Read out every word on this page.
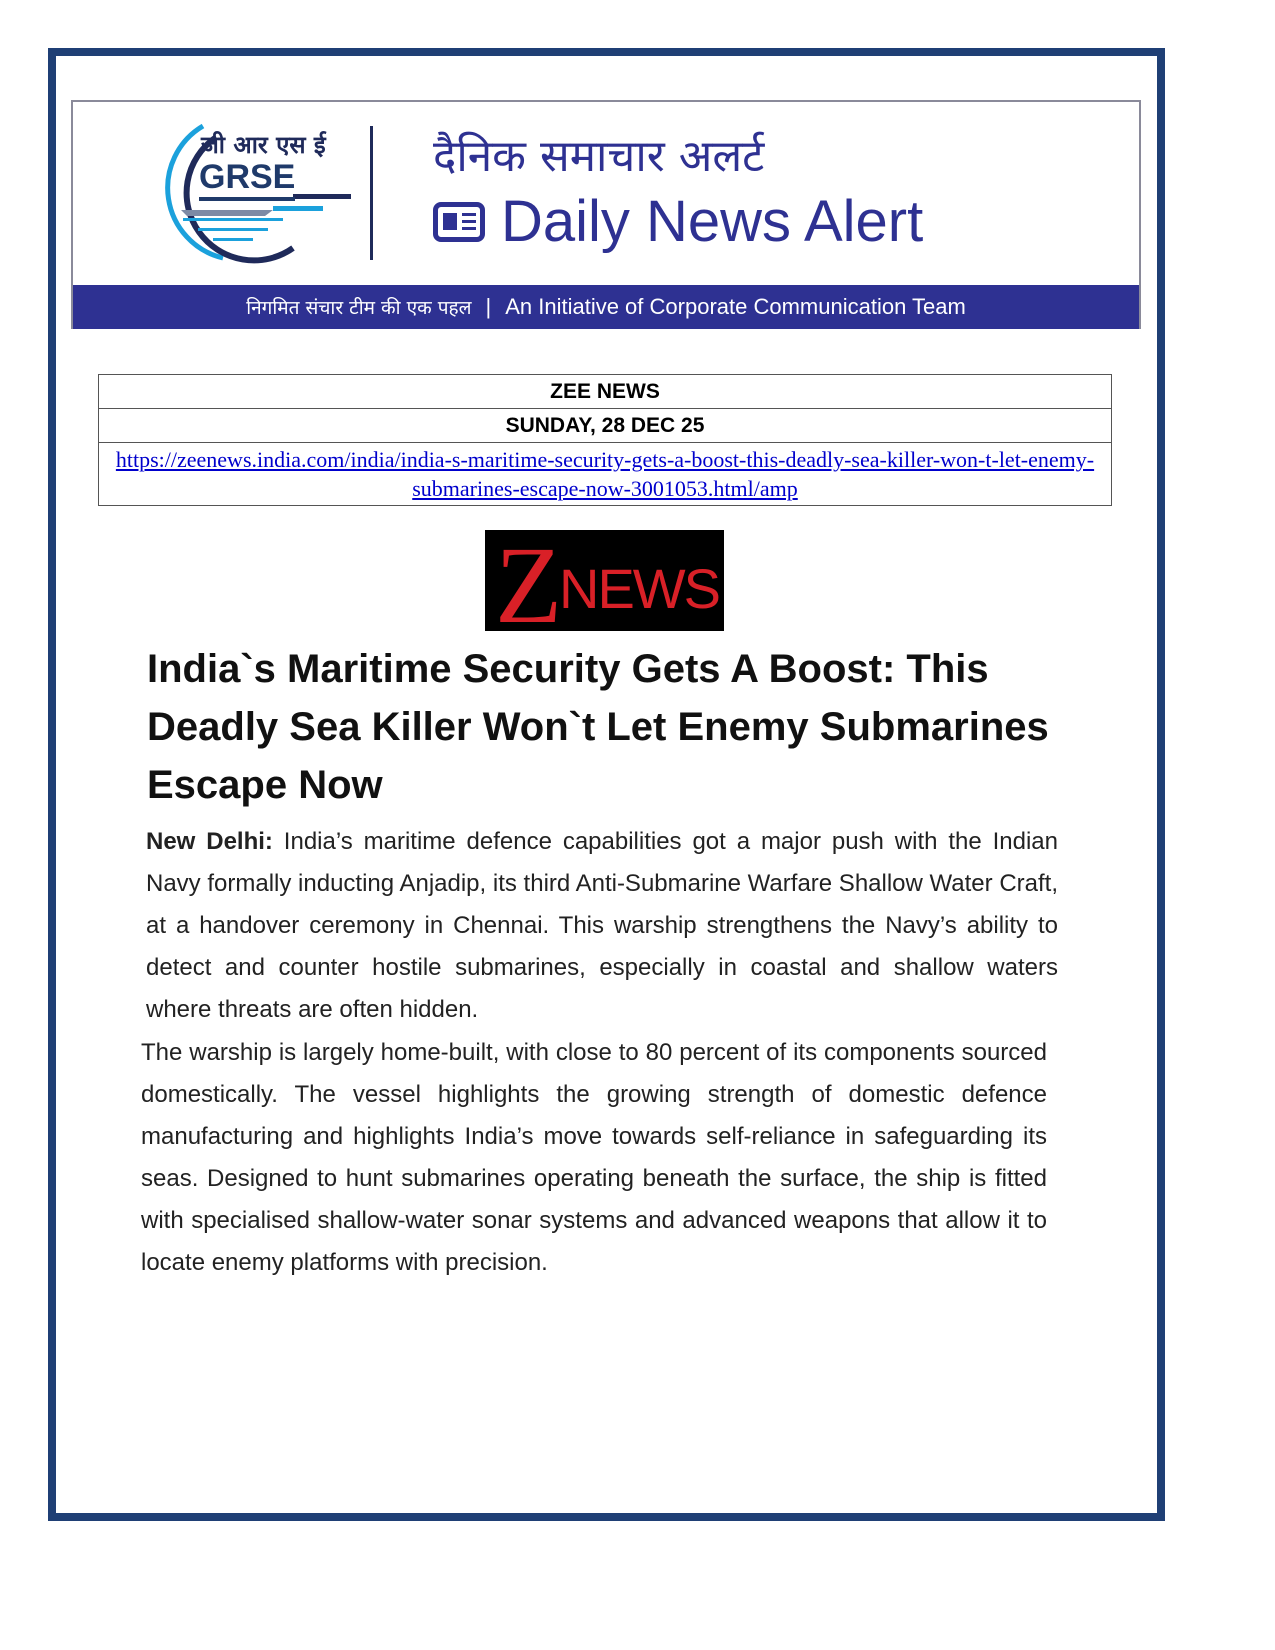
जी आर एस ई
GRSE	दैनिक समाचार अलर्ट
Daily News Alert
निगमित संचार टीम की एक पहल | An Initiative of Corporate Communication Team
ZEE NEWS
SUNDAY, 28 DEC 25
https://zeenews.india.com/india/india-s-maritime-security-gets-a-boost-this-deadly-sea-killer-won-t-let-enemy-submarines-escape-now-3001053.html/amp
Z
NEWS
India`s Maritime Security Gets A Boost: This Deadly Sea Killer Won`t Let Enemy Submarines Escape Now

New Delhi: India’s maritime defence capabilities got a major push with the Indian Navy formally inducting Anjadip, its third Anti-Submarine Warfare Shallow Water Craft, at a handover ceremony in Chennai. This warship strengthens the Navy’s ability to detect and counter hostile submarines, especially in coastal and shallow waters where threats are often hidden.

The warship is largely home-built, with close to 80 percent of its components sourced domestically. The vessel highlights the growing strength of domestic defence manufacturing and highlights India’s move towards self-reliance in safeguarding its seas. Designed to hunt submarines operating beneath the surface, the ship is fitted with specialised shallow-water sonar systems and advanced weapons that allow it to locate enemy platforms with precision.
